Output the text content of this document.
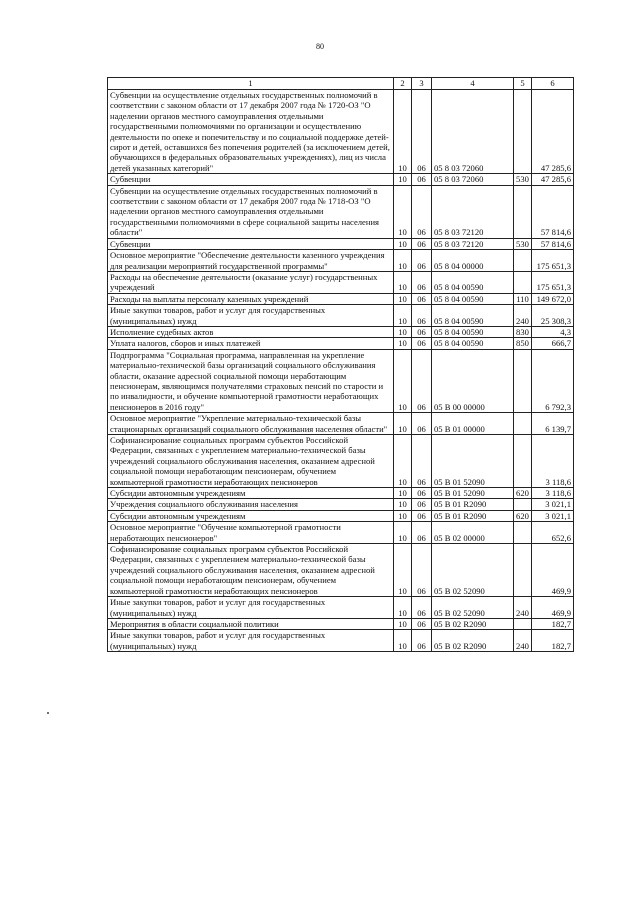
80
1	2	3	4	5	6
Субвенции на осуществление отдельных государственных полномочий в соответствии с законом области от 17 декабря 2007 года № 1720-ОЗ "О наделении органов местного самоуправления отдельными государственными полномочиями по организации и осуществлению деятельности по опеке и попечительству и по социальной поддержке детей-сирот и детей, оставшихся без попечения родителей (за исключением детей, обучающихся в федеральных образовательных учреждениях), лиц из числа детей указанных категорий"	10	06	05 8 03 72060		47 285,6
Субвенции	10	06	05 8 03 72060	530	47 285,6
Субвенции на осуществление отдельных государственных полномочий в соответствии с законом области от 17 декабря 2007 года № 1718-ОЗ "О наделении органов местного самоуправления отдельными государственными полномочиями в сфере социальной защиты населения области"	10	06	05 8 03 72120		57 814,6
Субвенции	10	06	05 8 03 72120	530	57 814,6
Основное мероприятие "Обеспечение деятельности казенного учреждения для реализации мероприятий государственной программы"	10	06	05 8 04 00000		175 651,3
Расходы на обеспечение деятельности (оказание услуг) государственных учреждений	10	06	05 8 04 00590		175 651,3
Расходы на выплаты персоналу казенных учреждений	10	06	05 8 04 00590	110	149 672,0
Иные закупки товаров, работ и услуг для государственных (муниципальных) нужд	10	06	05 8 04 00590	240	25 308,3
Исполнение судебных актов	10	06	05 8 04 00590	830	4,3
Уплата налогов, сборов и иных платежей	10	06	05 8 04 00590	850	666,7
Подпрограмма "Социальная программа, направленная на укрепление материально-технической базы организаций социального обслуживания области, оказание адресной социальной помощи неработающим пенсионерам, являющимся получателями страховых пенсий по старости и по инвалидности, и обучение компьютерной грамотности неработающих пенсионеров в 2016 году"	10	06	05 В 00 00000		6 792,3
Основное мероприятие "Укрепление материально-технической базы стационарных организаций социального обслуживания населения области"	10	06	05 В 01 00000		6 139,7
Софинансирование социальных программ субъектов Российской Федерации, связанных с укреплением материально-технической базы учреждений социального обслуживания населения, оказанием адресной социальной помощи неработающим пенсионерам, обучением компьютерной грамотности неработающих пенсионеров	10	06	05 В 01 52090		3 118,6
Субсидии автономным учреждениям	10	06	05 В 01 52090	620	3 118,6
Учреждения социального обслуживания населения	10	06	05 В 01 R2090		3 021,1
Субсидии автономным учреждениям	10	06	05 В 01 R2090	620	3 021,1
Основное мероприятие "Обучение компьютерной грамотности неработающих пенсионеров"	10	06	05 В 02 00000		652,6
Софинансирование социальных программ субъектов Российской Федерации, связанных с укреплением материально-технической базы учреждений социального обслуживания населения, оказанием адресной социальной помощи неработающим пенсионерам, обучением компьютерной грамотности неработающих пенсионеров	10	06	05 В 02 52090		469,9
Иные закупки товаров, работ и услуг для государственных (муниципальных) нужд	10	06	05 В 02 52090	240	469,9
Мероприятия в области социальной политики	10	06	05 В 02 R2090		182,7
Иные закупки товаров, работ и услуг для государственных (муниципальных) нужд	10	06	05 В 02 R2090	240	182,7
